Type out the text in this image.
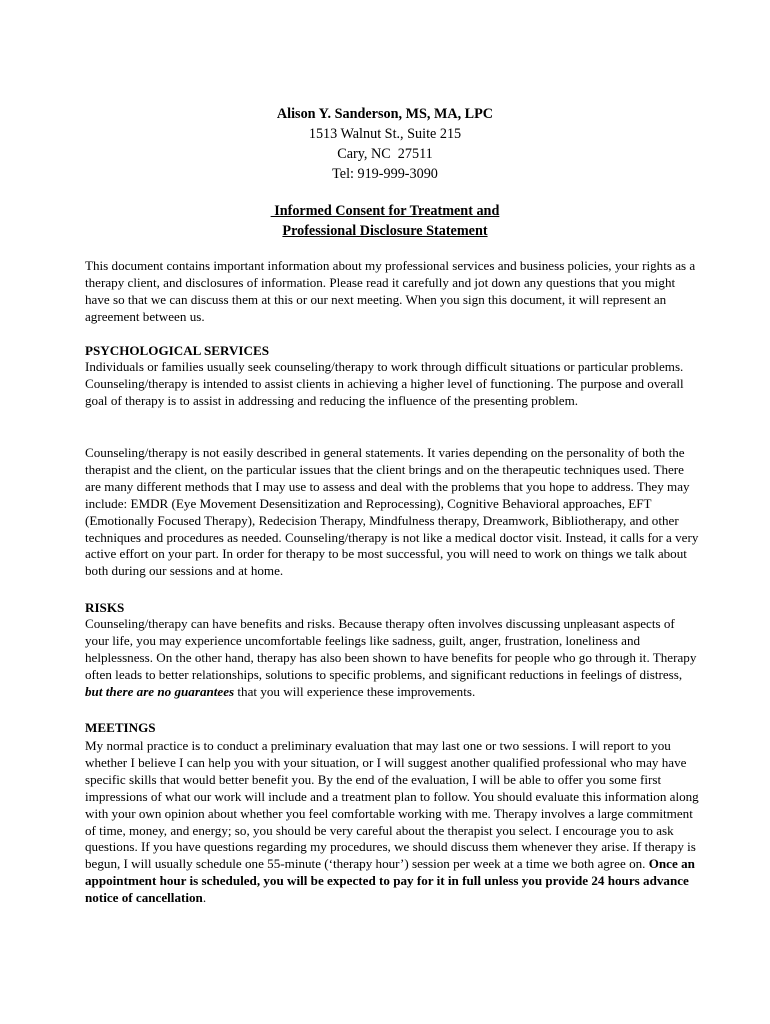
Alison Y. Sanderson, MS, MA, LPC
1513 Walnut St., Suite 215
Cary, NC  27511
Tel: 919-999-3090
Informed Consent for Treatment and
Professional Disclosure Statement
This document contains important information about my professional services and business policies, your rights as a therapy client, and disclosures of information. Please read it carefully and jot down any questions that you might have so that we can discuss them at this or our next meeting. When you sign this document, it will represent an agreement between us.
PSYCHOLOGICAL SERVICES
Individuals or families usually seek counseling/therapy to work through difficult situations or particular problems. Counseling/therapy is intended to assist clients in achieving a higher level of functioning. The purpose and overall goal of therapy is to assist in addressing and reducing the influence of the presenting problem.
Counseling/therapy is not easily described in general statements. It varies depending on the personality of both the therapist and the client, on the particular issues that the client brings and on the therapeutic techniques used. There are many different methods that I may use to assess and deal with the problems that you hope to address. They may include: EMDR (Eye Movement Desensitization and Reprocessing), Cognitive Behavioral approaches, EFT (Emotionally Focused Therapy), Redecision Therapy, Mindfulness therapy, Dreamwork, Bibliotherapy, and other techniques and procedures as needed. Counseling/therapy is not like a medical doctor visit. Instead, it calls for a very active effort on your part. In order for therapy to be most successful, you will need to work on things we talk about both during our sessions and at home.
RISKS
Counseling/therapy can have benefits and risks. Because therapy often involves discussing unpleasant aspects of your life, you may experience uncomfortable feelings like sadness, guilt, anger, frustration, loneliness and helplessness. On the other hand, therapy has also been shown to have benefits for people who go through it. Therapy often leads to better relationships, solutions to specific problems, and significant reductions in feelings of distress, but there are no guarantees that you will experience these improvements.
MEETINGS
My normal practice is to conduct a preliminary evaluation that may last one or two sessions. I will report to you whether I believe I can help you with your situation, or I will suggest another qualified professional who may have specific skills that would better benefit you. By the end of the evaluation, I will be able to offer you some first impressions of what our work will include and a treatment plan to follow. You should evaluate this information along with your own opinion about whether you feel comfortable working with me. Therapy involves a large commitment of time, money, and energy; so, you should be very careful about the therapist you select. I encourage you to ask questions. If you have questions regarding my procedures, we should discuss them whenever they arise. If therapy is begun, I will usually schedule one 55-minute (‘therapy hour’) session per week at a time we both agree on. Once an appointment hour is scheduled, you will be expected to pay for it in full unless you provide 24 hours advance notice of cancellation.
